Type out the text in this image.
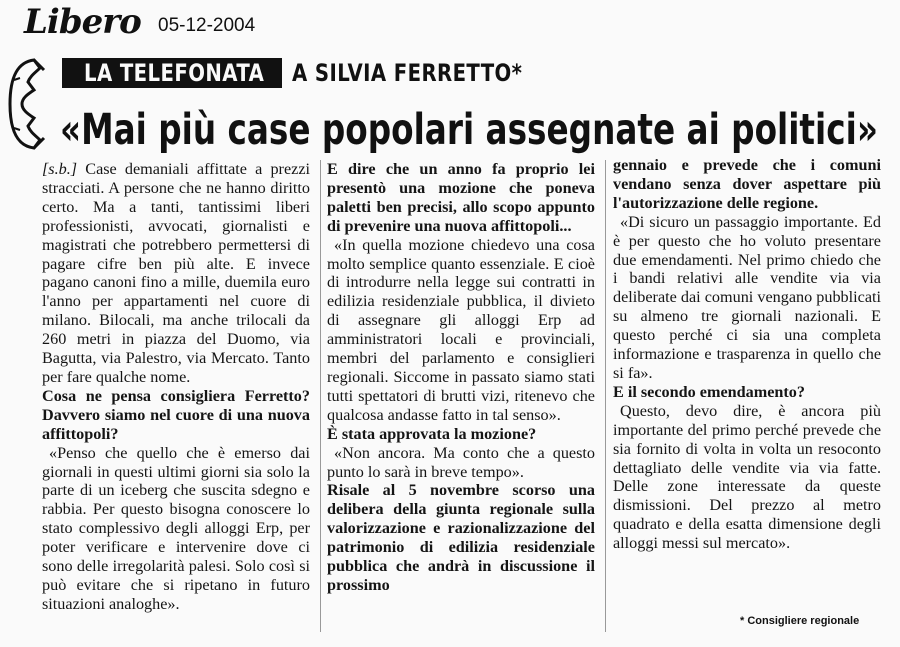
Libero 05-12-2004
LA TELEFONATA A SILVIA FERRETTO*
«Mai più case popolari assegnate ai politici»

[s.b.] Case demaniali affittate a prezzi stracciati. A persone che ne hanno diritto certo. Ma a tanti, tantissimi liberi professionisti, avvocati, giornalisti e magistrati che potrebbero permettersi di pagare cifre ben più alte. E invece pagano canoni fino a mille, duemila euro l'anno per appartamenti nel cuore di milano. Bilocali, ma anche trilocali da 260 metri in piazza del Duomo, via Bagutta, via Palestro, via Mercato. Tanto per fare qualche nome.

Cosa ne pensa consigliera Ferretto? Davvero siamo nel cuore di una nuova affittopoli?

«Penso che quello che è emerso dai giornali in questi ultimi giorni sia solo la parte di un iceberg che suscita sdegno e rabbia. Per questo bisogna conoscere lo stato complessivo degli alloggi Erp, per poter verificare e intervenire dove ci sono delle irregolarità palesi. Solo così si può evitare che si ripetano in futuro situazioni analoghe».

E dire che un anno fa proprio lei presentò una mozione che poneva paletti ben precisi, allo scopo appunto di prevenire una nuova affittopoli...

«In quella mozione chiedevo una cosa molto semplice quanto essenziale. E cioè di introdurre nella legge sui contratti in edilizia residenziale pubblica, il divieto di assegnare gli alloggi Erp ad amministratori locali e provinciali, membri del parlamento e consiglieri regionali. Siccome in passato siamo stati tutti spettatori di brutti vizi, ritenevo che qualcosa andasse fatto in tal senso».

È stata approvata la mozione?

«Non ancora. Ma conto che a questo punto lo sarà in breve tempo».

Risale al 5 novembre scorso una delibera della giunta regionale sulla valorizzazione e razionalizzazione del patrimonio di edilizia residenziale pubblica che andrà in discussione il prossimo

gennaio e prevede che i comuni vendano senza dover aspettare più l'autorizzazione delle regione.

«Di sicuro un passaggio importante. Ed è per questo che ho voluto presentare due emendamenti. Nel primo chiedo che i bandi relativi alle vendite via via deliberate dai comuni vengano pubblicati su almeno tre giornali nazionali. E questo perché ci sia una completa informazione e trasparenza in quello che si fa».

E il secondo emendamento?

Questo, devo dire, è ancora più importante del primo perché prevede che sia fornito di volta in volta un resoconto dettagliato delle vendite via via fatte. Delle zone interessate da queste dismissioni. Del prezzo al metro quadrato e della esatta dimensione degli alloggi messi sul mercato».

* Consigliere regionale
